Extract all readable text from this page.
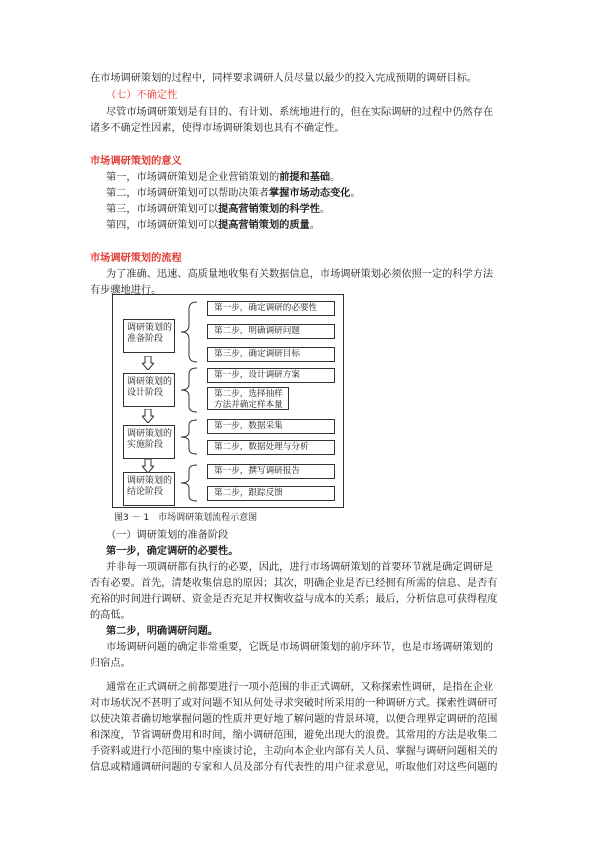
在市场调研策划的过程中，同样要求调研人员尽量以最少的投入完成预期的调研目标。
（七）不确定性
尽管市场调研策划是有目的、有计划、系统地进行的，但在实际调研的过程中仍然存在
诸多不确定性因素，使得市场调研策划也具有不确定性。
市场调研策划的意义
第一，市场调研策划是企业营销策划的前提和基础。
第二，市场调研策划可以帮助决策者掌握市场动态变化。
第三，市场调研策划可以提高营销策划的科学性。
第四，市场调研策划可以提高营销策划的质量。
市场调研策划的流程
为了准确、迅速、高质量地收集有关数据信息，市场调研策划必须依照一定的科学方法
有步骤地进行。
调研策划的准备阶段
调研策划的设计阶段
调研策划的实施阶段
调研策划的结论阶段
第一步，确定调研的必要性
第二步，明确调研问题
第三步，确定调研目标
第一步，设计调研方案
第二步，选择抽样方法并确定样本量
第一步，数据采集
第二步，数据处理与分析
第一步，撰写调研报告
第二步，跟踪反馈
图3 － 1　市场调研策划流程示意图
（一）调研策划的准备阶段
第一步，确定调研的必要性。
并非每一项调研都有执行的必要，因此，进行市场调研策划的首要环节就是确定调研是
否有必要。首先，清楚收集信息的原因；其次，明确企业是否已经拥有所需的信息、是否有
充裕的时间进行调研、资金是否充足并权衡收益与成本的关系；最后，分析信息可获得程度
的高低。
第二步，明确调研问题。
市场调研问题的确定非常重要，它既是市场调研策划的前序环节，也是市场调研策划的
归宿点。
通常在正式调研之前都要进行一项小范围的非正式调研，又称探索性调研，是指在企业
对市场状况不甚明了或对问题不知从何处寻求突破时所采用的一种调研方式。探索性调研可
以使决策者确切地掌握问题的性质并更好地了解问题的背景环境，以便合理界定调研的范围
和深度，节省调研费用和时间，缩小调研范围，避免出现大的浪费。其常用的方法是收集二
手资料或进行小范围的集中座谈讨论，主动向本企业内部有关人员、掌握与调研问题相关的
信息或精通调研问题的专家和人员及部分有代表性的用户征求意见，听取他们对这些问题的
